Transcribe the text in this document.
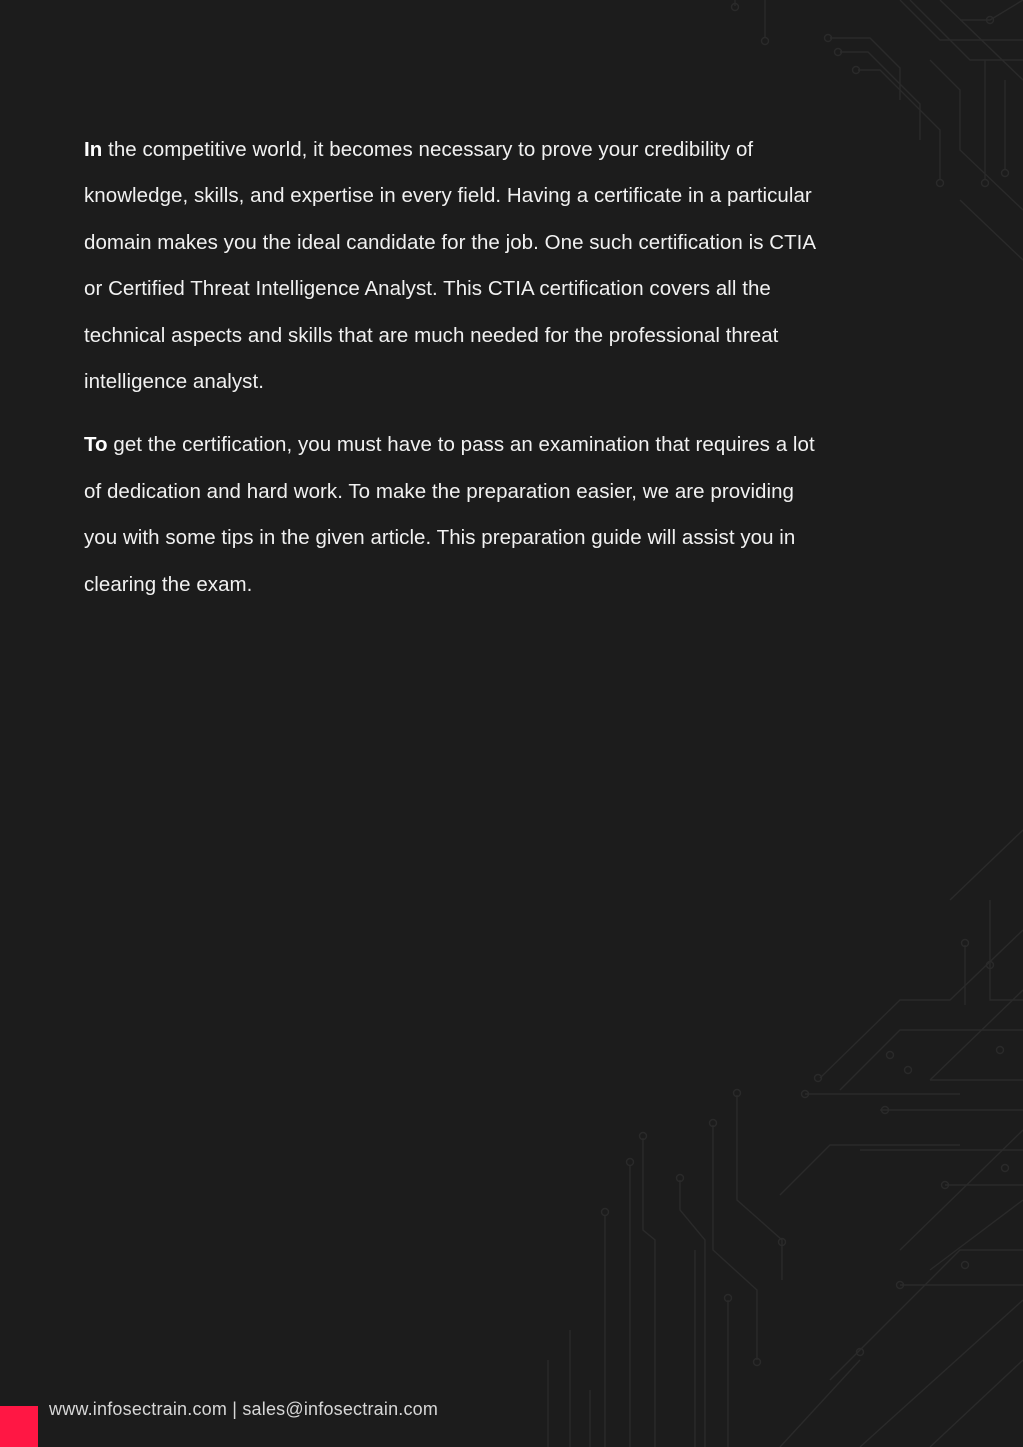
In the competitive world, it becomes necessary to prove your credibility of
knowledge, skills, and expertise in every field. Having a certificate in a particular
domain makes you the ideal candidate for the job. One such certification is CTIA
or Certified Threat Intelligence Analyst. This CTIA certification covers all the
technical aspects and skills that are much needed for the professional threat
intelligence analyst.

To get the certification, you must have to pass an examination that requires a lot
of dedication and hard work. To make the preparation easier, we are providing
you with some tips in the given article. This preparation guide will assist you in
clearing the exam.

www.infosectrain.com | sales@infosectrain.com
